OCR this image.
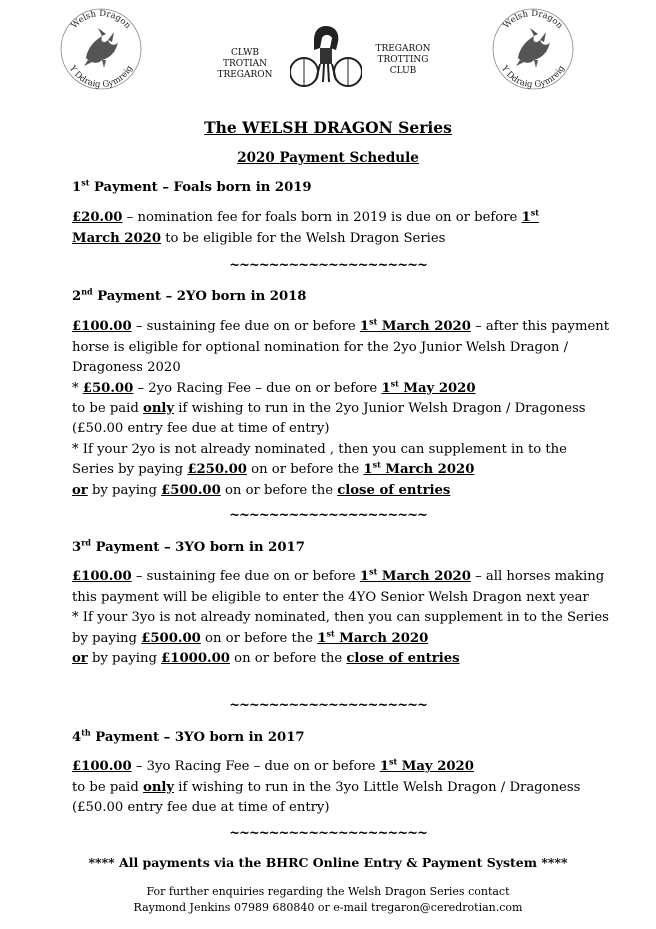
Welsh Dragon
Y Ddraig Gymreig
Welsh Dragon
Y Ddraig Gymreig
CLWB
TROTIAN
TREGARON
TREGARON
TROTTING
CLUB
The WELSH DRAGON Series
2020 Payment Schedule
1st Payment – Foals born in 2019
£20.00 – nomination fee for foals born in 2019 is due on or before 1st
March 2020 to be eligible for the Welsh Dragon Series
~~~~~~~~~~~~~~~~~~~~
2nd Payment – 2YO born in 2018
£100.00 – sustaining fee due on or before 1st March 2020 – after this payment horse is eligible for optional nomination for the 2yo Junior Welsh Dragon / Dragoness 2020
* £50.00 – 2yo Racing Fee – due on or before 1st May 2020
to be paid only if wishing to run in the 2yo Junior Welsh Dragon / Dragoness (£50.00 entry fee due at time of entry)
* If your 2yo is not already nominated , then you can supplement in to the Series by paying £250.00 on or before the 1st March 2020
or by paying £500.00 on or before the close of entries
~~~~~~~~~~~~~~~~~~~~
3rd Payment – 3YO born in 2017
£100.00 – sustaining fee due on or before 1st March 2020 – all horses making this payment will be eligible to enter the 4YO Senior Welsh Dragon next year
* If your 3yo is not already nominated, then you can supplement in to the Series by paying £500.00 on or before the 1st March 2020
or by paying £1000.00 on or before the close of entries
~~~~~~~~~~~~~~~~~~~~
4th Payment – 3YO born in 2017
£100.00 – 3yo Racing Fee – due on or before 1st May 2020
to be paid only if wishing to run in the 3yo Little Welsh Dragon / Dragoness (£50.00 entry fee due at time of entry)
~~~~~~~~~~~~~~~~~~~~
**** All payments via the BHRC Online Entry & Payment System ****
For further enquiries regarding the Welsh Dragon Series contact
Raymond Jenkins 07989 680840 or e-mail tregaron@ceredrotian.com
